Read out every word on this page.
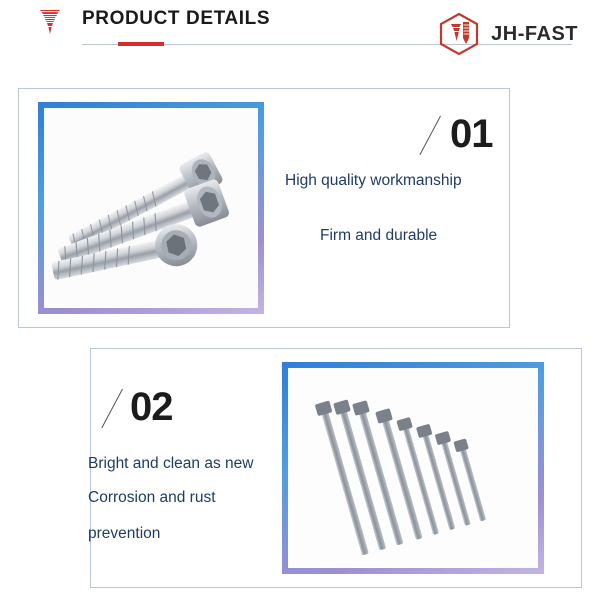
PRODUCT DETAILS
JH-FAST
01
High quality workmanship
Firm and durable
02
Bright and clean as new
Corrosion and rust
prevention
